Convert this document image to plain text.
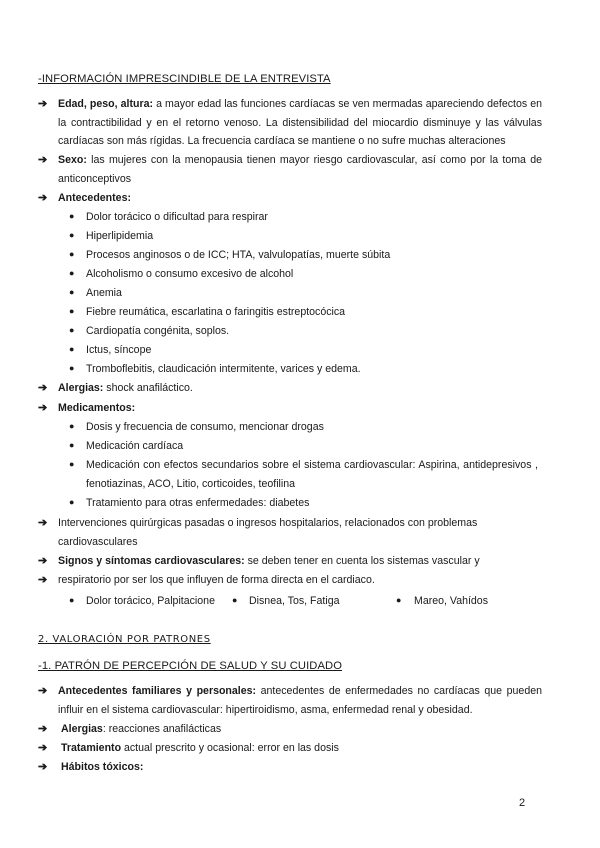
-INFORMACIÓN IMPRESCINDIBLE DE LA ENTREVISTA
➔ Edad, peso, altura: a mayor edad las funciones cardíacas se ven mermadas apareciendo defectos en la contractibilidad y en el retorno venoso. La distensibilidad del miocardio disminuye y las válvulas cardíacas son más rígidas. La frecuencia cardíaca se mantiene o no sufre muchas alteraciones
➔ Sexo: las mujeres con la menopausia tienen mayor riesgo cardiovascular, así como por la toma de anticonceptivos
➔ Antecedentes:
● Dolor torácico o dificultad para respirar
● Hiperlipidemia
● Procesos anginosos o de ICC; HTA, valvulopatías, muerte súbita
● Alcoholismo o consumo excesivo de alcohol
● Anemia
● Fiebre reumática, escarlatina o faringitis estreptocócica
● Cardiopatía congénita, soplos.
● Ictus, síncope
● Tromboflebitis, claudicación intermitente, varices y edema.
➔ Alergias: shock anafiláctico.
➔ Medicamentos:
● Dosis y frecuencia de consumo, mencionar drogas
● Medicación cardíaca
● Medicación con efectos secundarios sobre el sistema cardiovascular: Aspirina, antidepresivos , fenotiazinas, ACO, Litio, corticoides, teofilina
● Tratamiento para otras enfermedades: diabetes
➔ Intervenciones quirúrgicas pasadas o ingresos hospitalarios, relacionados con problemas
cardiovasculares
➔ Signos y síntomas cardiovasculares: se deben tener en cuenta los sistemas vascular y
➔ respiratorio por ser los que influyen de forma directa en el cardiaco.
● Dolor torácico, Palpitacione ● Disnea, Tos, Fatiga	● Mareo, Vahídos
2. VALORACIÓN POR PATRONES
-1. PATRÓN DE PERCEPCIÓN DE SALUD Y SU CUIDADO
➔ Antecedentes familiares y personales: antecedentes de enfermedades no cardíacas que pueden influir en el sistema cardiovascular: hipertiroidismo, asma, enfermedad renal y obesidad.
➔ Alergias: reacciones anafilácticas
➔ Tratamiento actual prescrito y ocasional: error en las dosis
➔ Hábitos tóxicos:
2
